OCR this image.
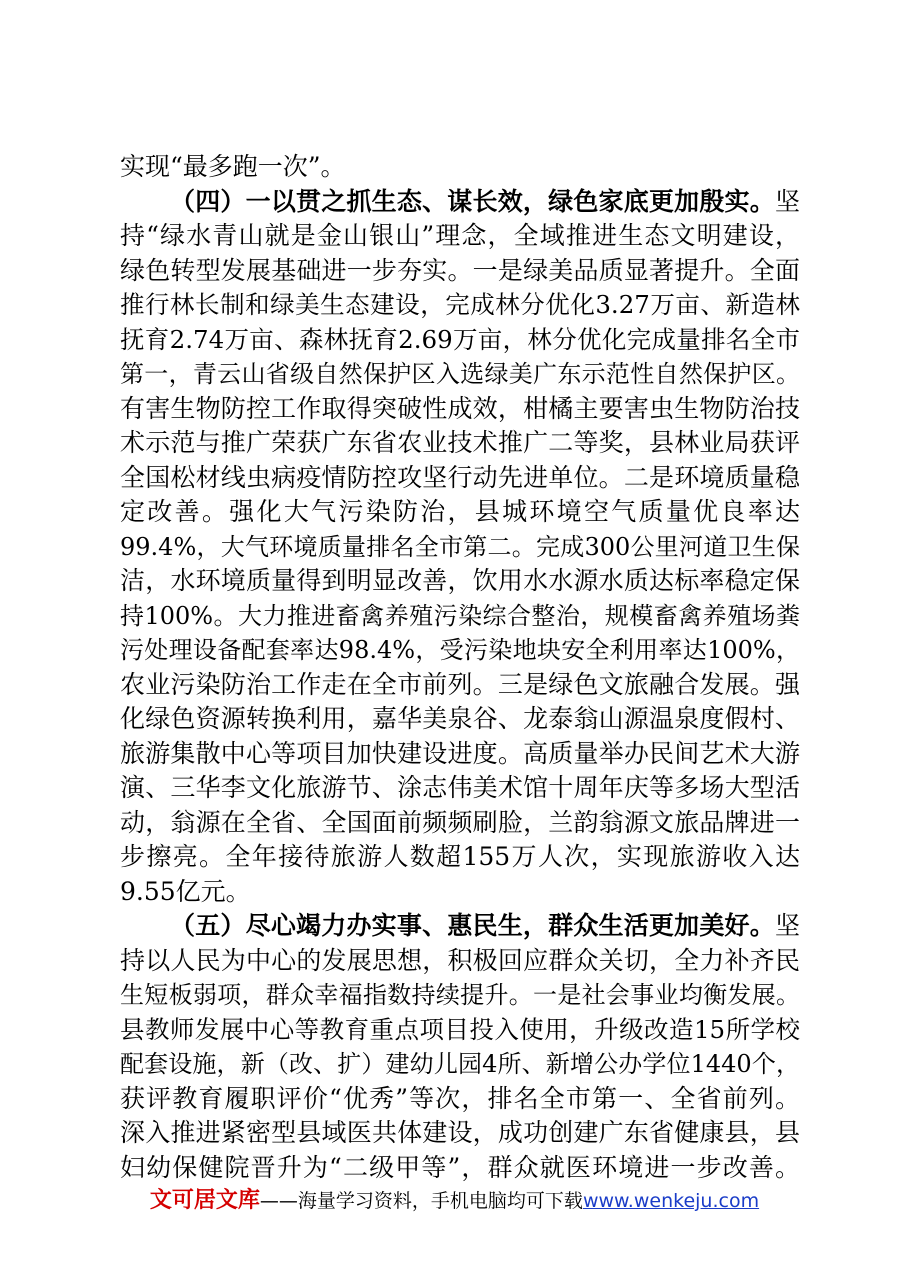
实现“最多跑一次”。
（四）一以贯之抓生态、谋长效，绿色家底更加殷实。坚
持“绿水青山就是金山银山”理念，全域推进生态文明建设，
绿色转型发展基础进一步夯实。一是绿美品质显著提升。全面
推行林长制和绿美生态建设，完成林分优化3.27万亩、新造林
抚育2.74万亩、森林抚育2.69万亩，林分优化完成量排名全市
第一，青云山省级自然保护区入选绿美广东示范性自然保护区。
有害生物防控工作取得突破性成效，柑橘主要害虫生物防治技
术示范与推广荣获广东省农业技术推广二等奖，县林业局获评
全国松材线虫病疫情防控攻坚行动先进单位。二是环境质量稳
定改善。强化大气污染防治，县城环境空气质量优良率达
99.4%，大气环境质量排名全市第二。完成300公里河道卫生保
洁，水环境质量得到明显改善，饮用水水源水质达标率稳定保
持100%。大力推进畜禽养殖污染综合整治，规模畜禽养殖场粪
污处理设备配套率达98.4%，受污染地块安全利用率达100%，
农业污染防治工作走在全市前列。三是绿色文旅融合发展。强
化绿色资源转换利用，嘉华美泉谷、龙泰翁山源温泉度假村、
旅游集散中心等项目加快建设进度。高质量举办民间艺术大游
演、三华李文化旅游节、涂志伟美术馆十周年庆等多场大型活
动，翁源在全省、全国面前频频刷脸，兰韵翁源文旅品牌进一
步擦亮。全年接待旅游人数超155万人次，实现旅游收入达
9.55亿元。
（五）尽心竭力办实事、惠民生，群众生活更加美好。坚
持以人民为中心的发展思想，积极回应群众关切，全力补齐民
生短板弱项，群众幸福指数持续提升。一是社会事业均衡发展。
县教师发展中心等教育重点项目投入使用，升级改造15所学校
配套设施，新（改、扩）建幼儿园4所、新增公办学位1440个，
获评教育履职评价“优秀”等次，排名全市第一、全省前列。
深入推进紧密型县域医共体建设，成功创建广东省健康县，县
妇幼保健院晋升为“二级甲等”，群众就医环境进一步改善。
文可居文库——海量学习资料，手机电脑均可下载www.wenkeju.com
